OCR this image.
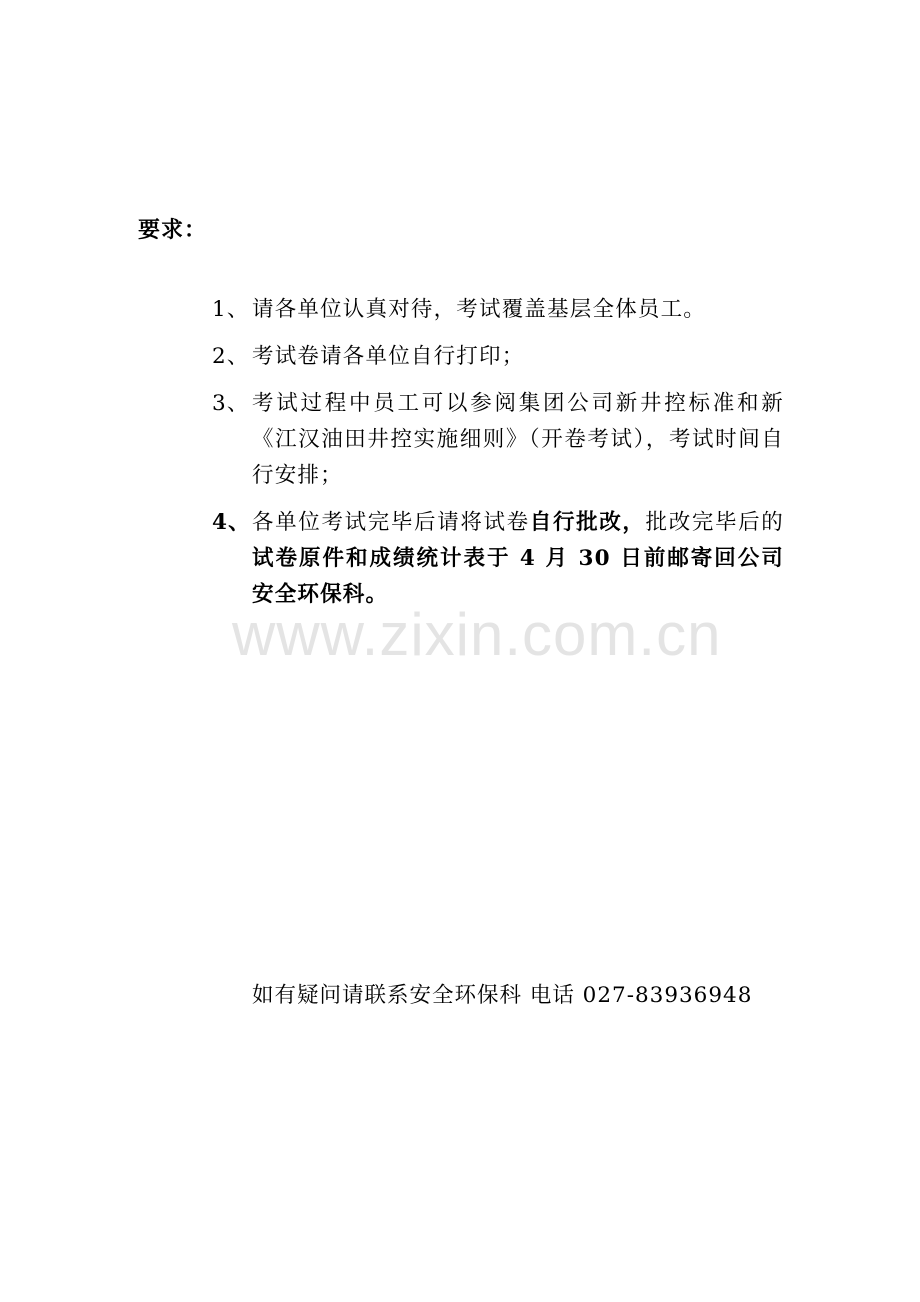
www.zixin.com.cn
要求：
1、 请各单位认真对待，考试覆盖基层全体员工。
2、 考试卷请各单位自行打印；
3、 考试过程中员工可以参阅集团公司新井控标准和新《江汉油田井控实施细则》（开卷考试），考试时间自行安排；
4、 各单位考试完毕后请将试卷自行批改，批改完毕后的试卷原件和成绩统计表于 4 月 30 日前邮寄回公司安全环保科。
如有疑问请联系安全环保科 电话 027-83936948
